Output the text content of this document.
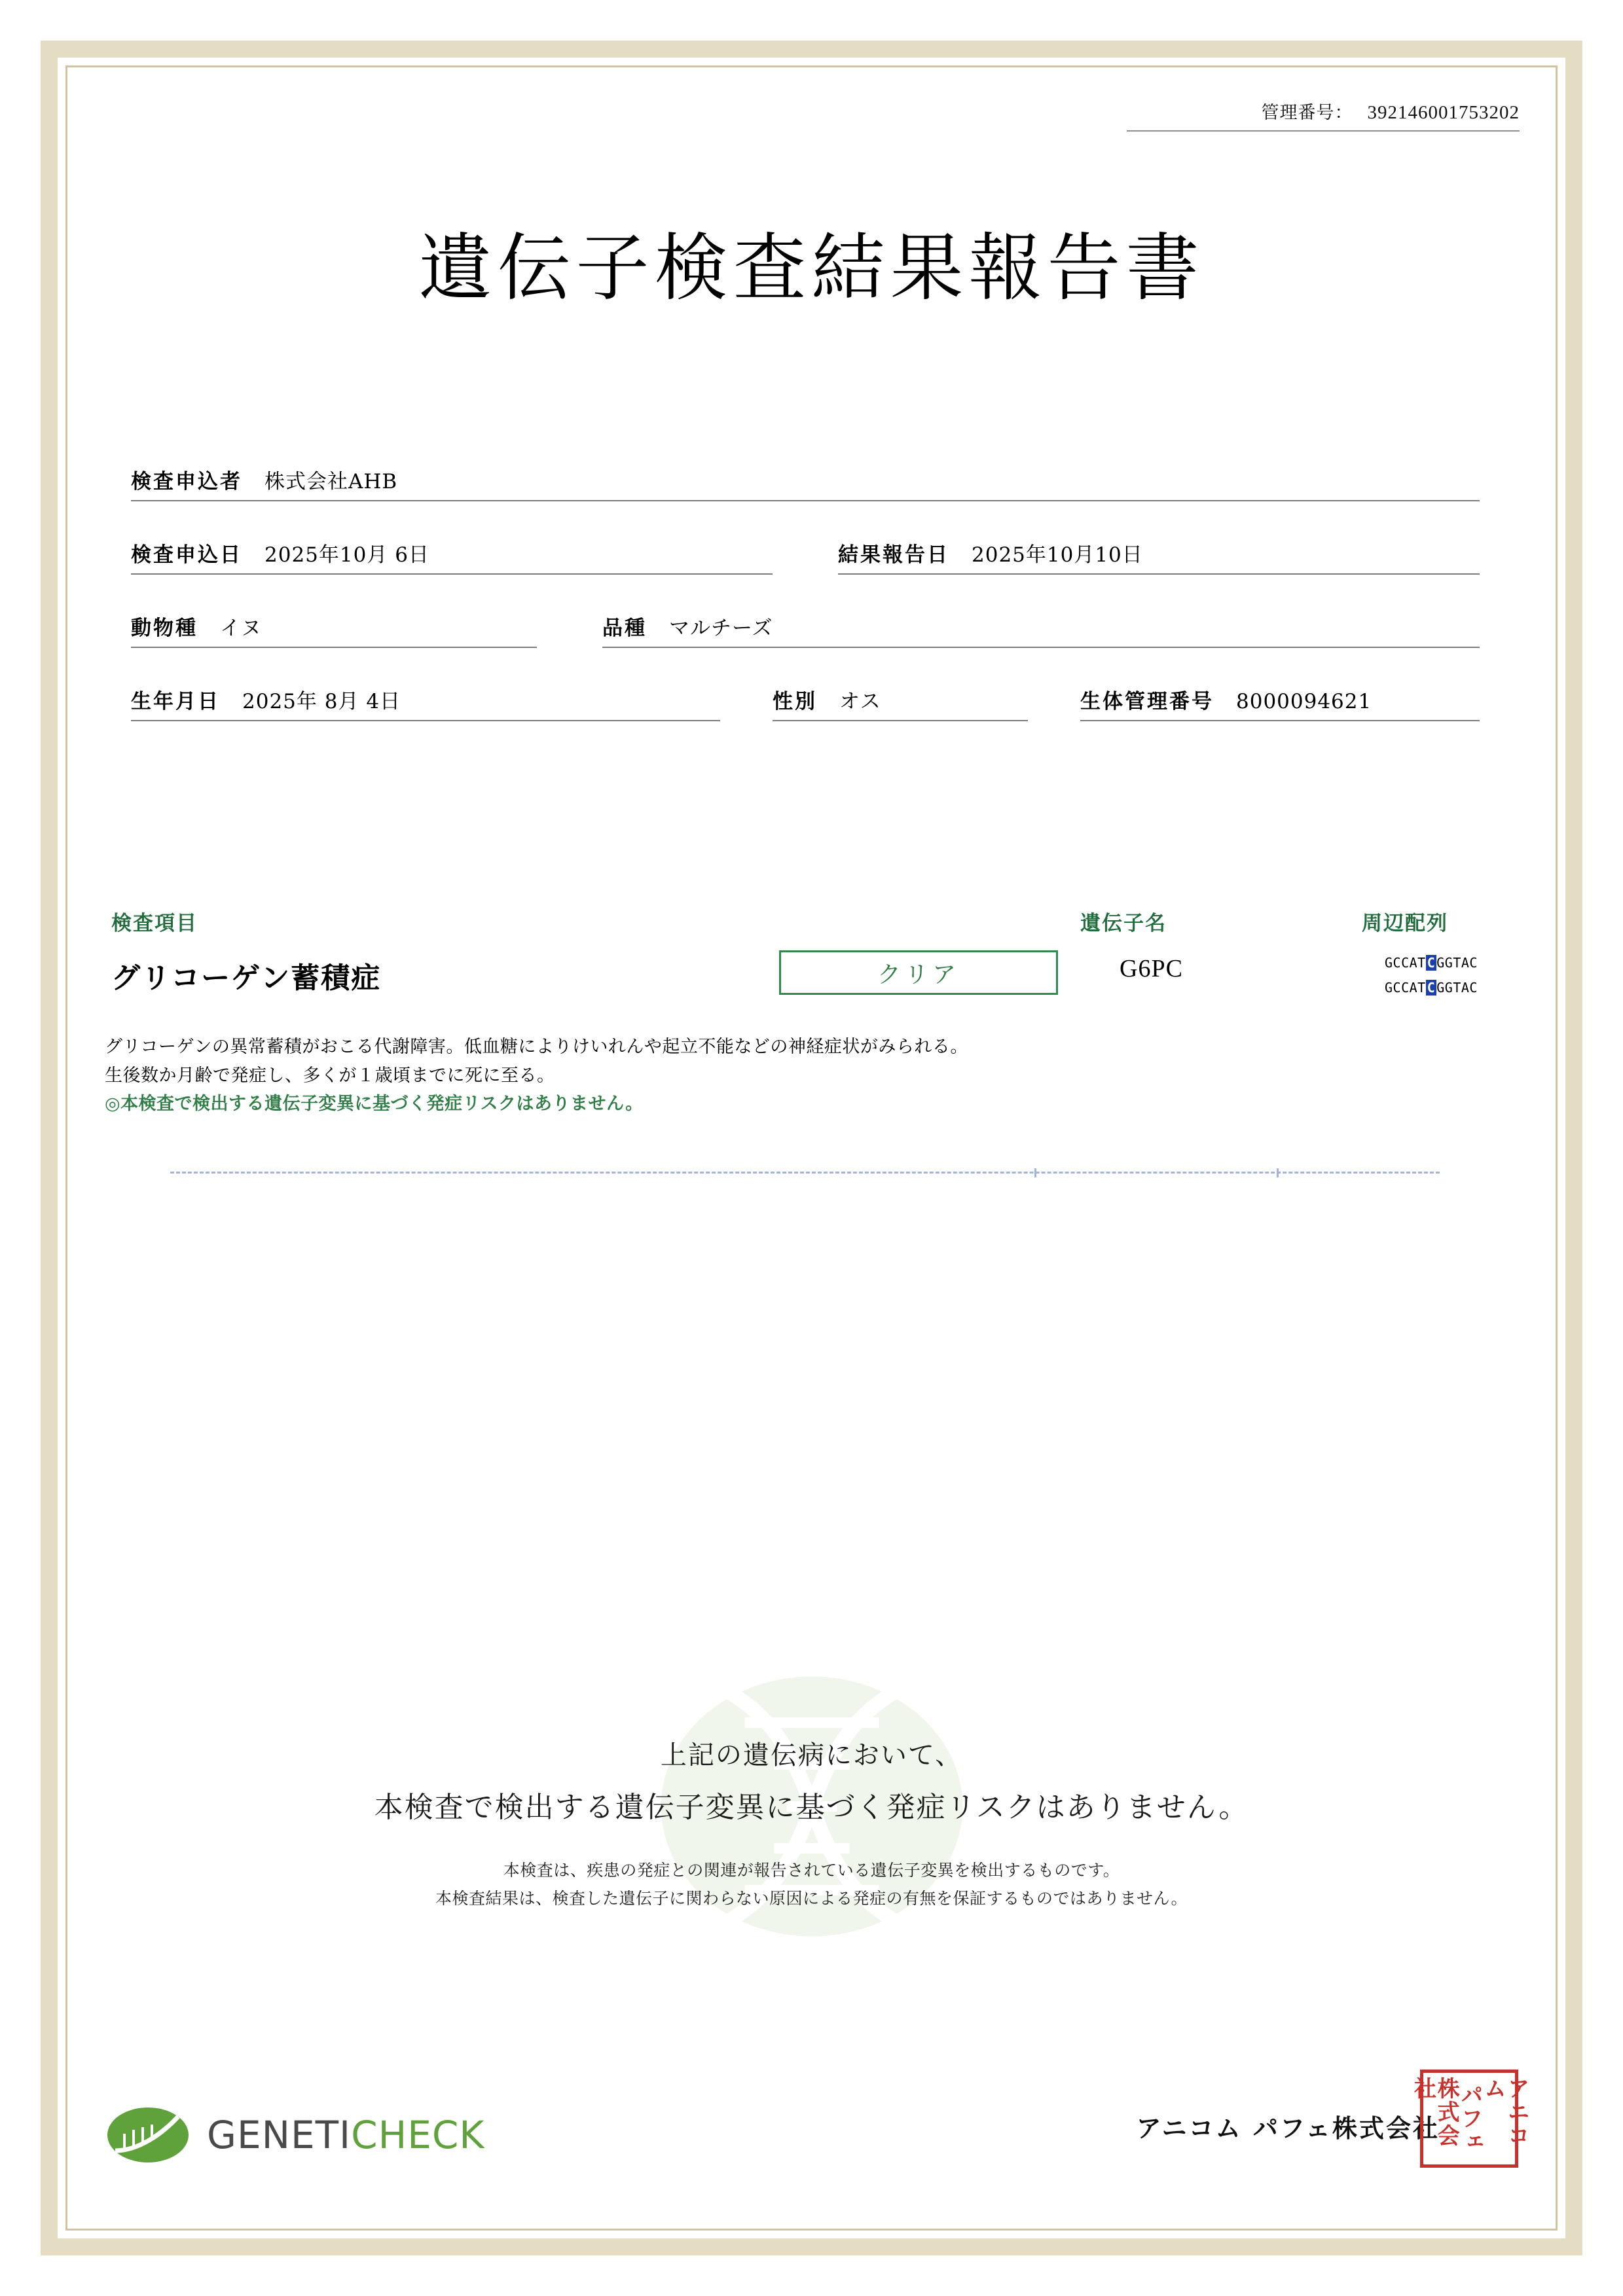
管理番号： 392146001753202
遺伝子検査結果報告書
検査申込者 株式会社AHB
検査申込日 2025年10月 6日	結果報告日 2025年10月10日
動物種 イヌ	品種 マルチーズ
生年月日 2025年 8月 4日	性別 オス	生体管理番号 8000094621
検査項目	遺伝子名	周辺配列
グリコーゲン蓄積症	クリア	G6PC	GCCAT C GGTAC
GCCAT C GGTAC
グリコーゲンの異常蓄積がおこる代謝障害。低血糖によりけいれんや起立不能などの神経症状がみられる。
生後数か月齢で発症し、多くが１歳頃までに死に至る。
◎本検査で検出する遺伝子変異に基づく発症リスクはありません。
上記の遺伝病において、
本検査で検出する遺伝子変異に基づく発症リスクはありません。
本検査は、疾患の発症との関連が報告されている遺伝子変異を検出するものです。
本検査結果は、検査した遺伝子に関わらない原因による発症の有無を保証するものではありません。
GENETICHECK	アニコム パフェ株式会社	アニコム
パフェ
株式会社
